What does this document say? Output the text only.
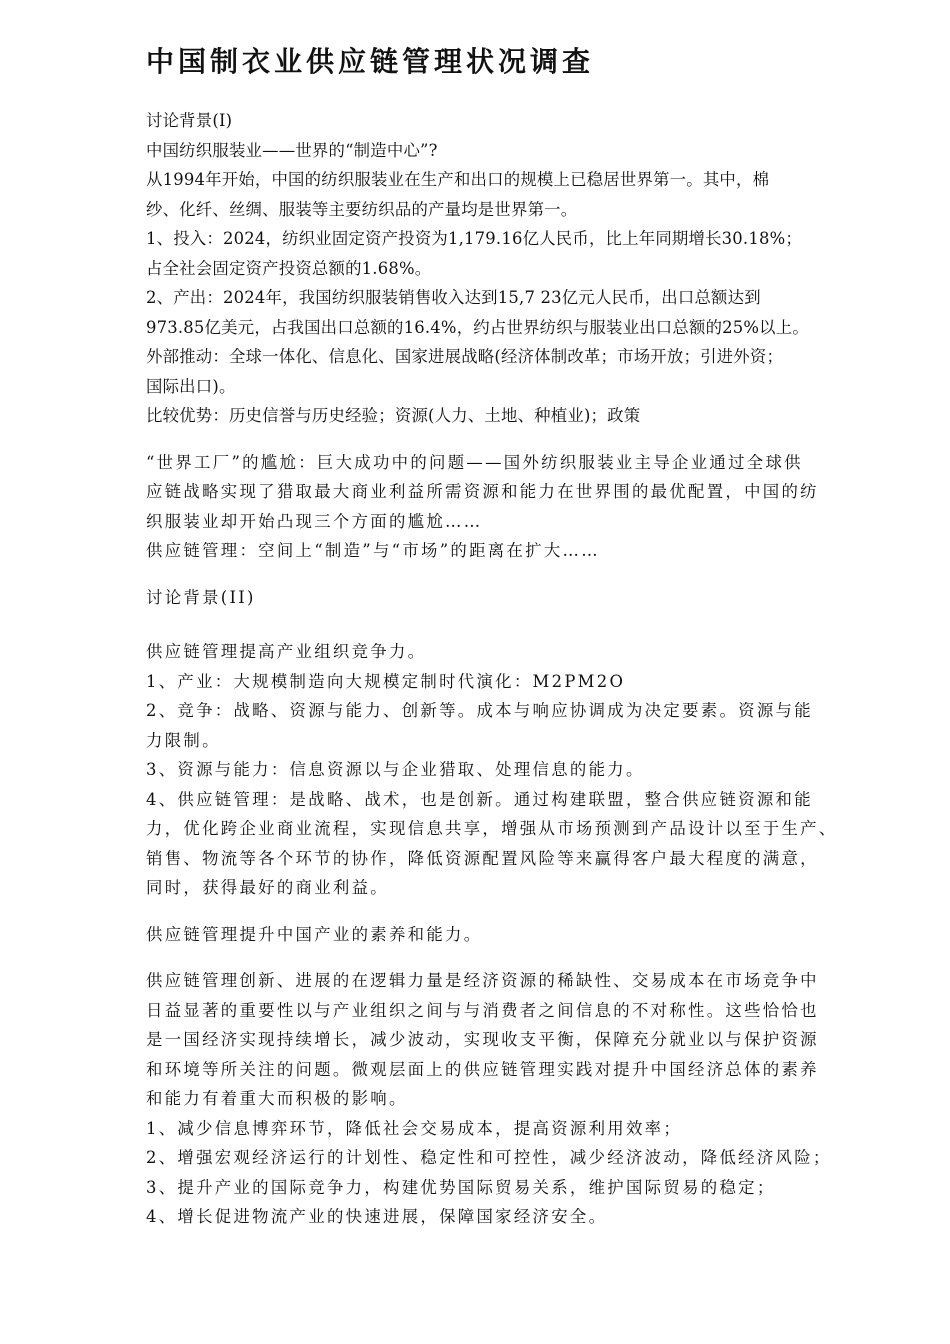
中国制衣业供应链管理状况调查
讨论背景(I)
中国纺织服装业——世界的“制造中心”?
从1994年开始，中国的纺织服装业在生产和出口的规模上已稳居世界第一。其中，棉
纱、化纤、丝绸、服装等主要纺织品的产量均是世界第一。
1、投入：2024，纺织业固定资产投资为1,179.16亿人民币，比上年同期增长30.18%；
占全社会固定资产投资总额的1.68%。
2、产出：2024年，我国纺织服装销售收入达到15,7 23亿元人民币，出口总额达到
973.85亿美元，占我国出口总额的16.4%，约占世界纺织与服装业出口总额的25%以上。
外部推动：全球一体化、信息化、国家进展战略(经济体制改革；市场开放；引进外资；
国际出口)。
比较优势：历史信誉与历史经验；资源(人力、土地、种植业)；政策
“世界工厂”的尴尬：巨大成功中的问题——国外纺织服装业主导企业通过全球供
应链战略实现了猎取最大商业利益所需资源和能力在世界围的最优配置，中国的纺
织服装业却开始凸现三个方面的尴尬……
供应链管理：空间上“制造”与“市场”的距离在扩大……
讨论背景(II)
供应链管理提高产业组织竞争力。
1、产业：大规模制造向大规模定制时代演化：M2PM2O
2、竞争：战略、资源与能力、创新等。成本与响应协调成为决定要素。资源与能
力限制。
3、资源与能力：信息资源以与企业猎取、处理信息的能力。
4、供应链管理：是战略、战术，也是创新。通过构建联盟，整合供应链资源和能
力，优化跨企业商业流程，实现信息共享，增强从市场预测到产品设计以至于生产、
销售、物流等各个环节的协作，降低资源配置风险等来赢得客户最大程度的满意，
同时，获得最好的商业利益。
供应链管理提升中国产业的素养和能力。
供应链管理创新、进展的在逻辑力量是经济资源的稀缺性、交易成本在市场竞争中
日益显著的重要性以与产业组织之间与与消费者之间信息的不对称性。这些恰恰也
是一国经济实现持续增长，减少波动，实现收支平衡，保障充分就业以与保护资源
和环境等所关注的问题。微观层面上的供应链管理实践对提升中国经济总体的素养
和能力有着重大而积极的影响。
1、减少信息博弈环节，降低社会交易成本，提高资源利用效率；
2、增强宏观经济运行的计划性、稳定性和可控性，减少经济波动，降低经济风险；
3、提升产业的国际竞争力，构建优势国际贸易关系，维护国际贸易的稳定；
4、增长促进物流产业的快速进展，保障国家经济安全。
